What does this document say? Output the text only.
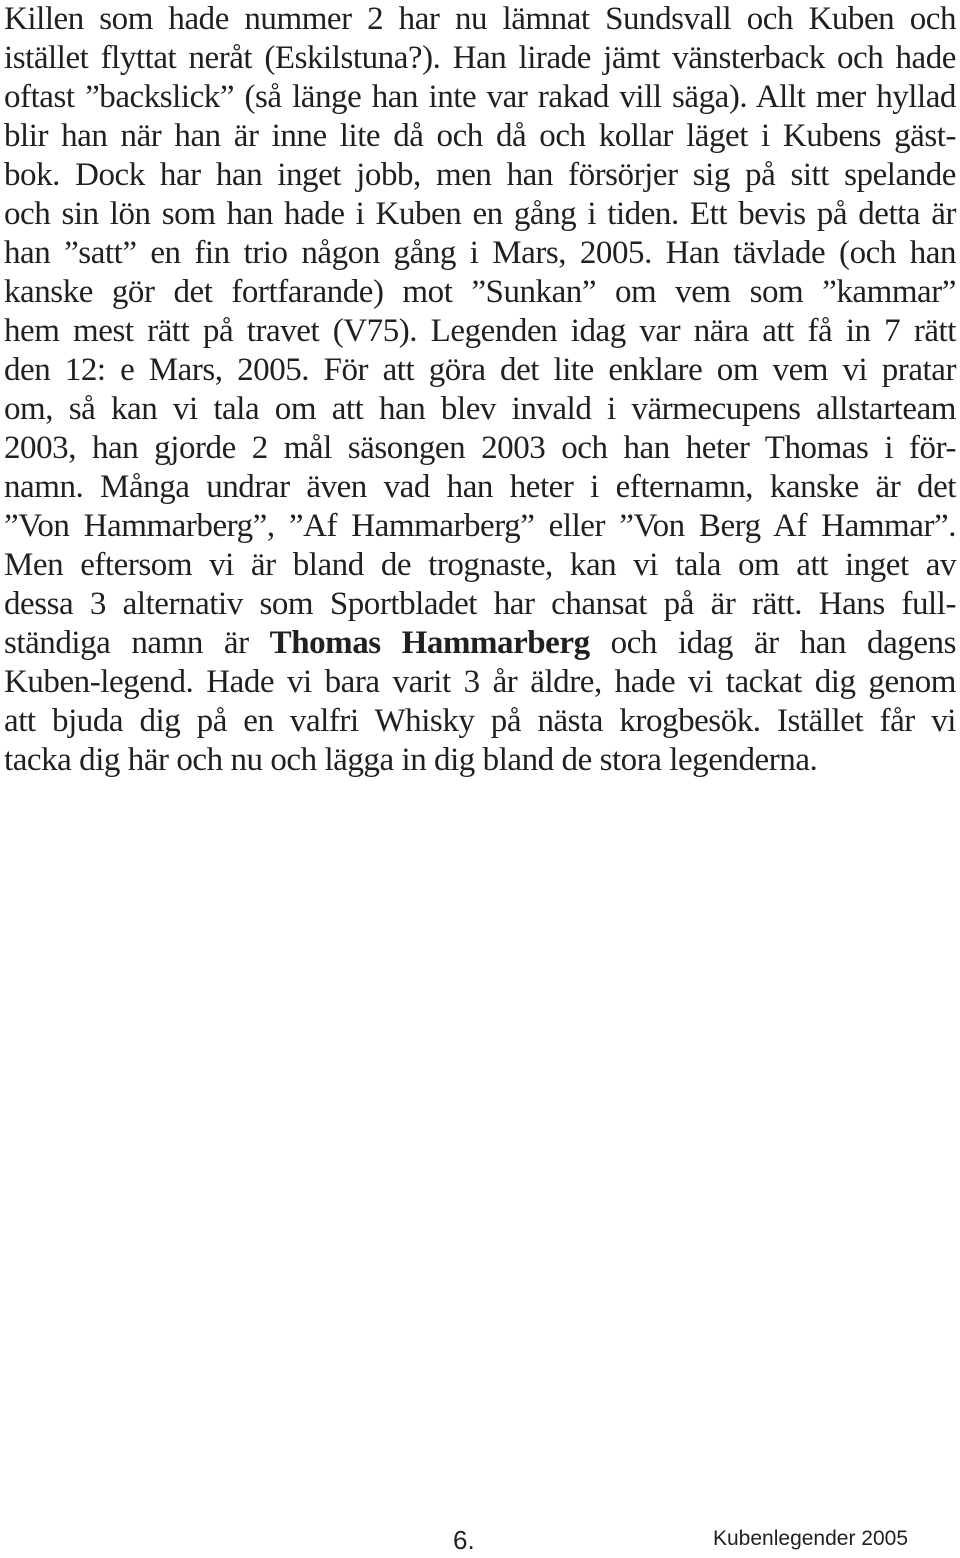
Killen som hade nummer 2 har nu lämnat Sundsvall och Kuben och
istället flyttat neråt (Eskilstuna?). Han lirade jämt vänsterback och hade
oftast ”backslick” (så länge han inte var rakad vill säga). Allt mer hyllad
blir han när han är inne lite då och då och kollar läget i Kubens gäst-
bok. Dock har han inget jobb, men han försörjer sig på sitt spelande
och sin lön som han hade i Kuben en gång i tiden. Ett bevis på detta är
han ”satt” en fin trio någon gång i Mars, 2005. Han tävlade (och han
kanske gör det fortfarande) mot ”Sunkan” om vem som ”kammar”
hem mest rätt på travet (V75). Legenden idag var nära att få in 7 rätt
den 12: e Mars, 2005. För att göra det lite enklare om vem vi pratar
om, så kan vi tala om att han blev invald i värmecupens allstarteam
2003, han gjorde 2 mål säsongen 2003 och han heter Thomas i för-
namn. Många undrar även vad han heter i efternamn, kanske är det
”Von Hammarberg”, ”Af Hammarberg” eller ”Von Berg Af Hammar”.
Men eftersom vi är bland de trognaste, kan vi tala om att inget av
dessa 3 alternativ som Sportbladet har chansat på är rätt. Hans full-
ständiga namn är Thomas Hammarberg och idag är han dagens
Kuben-legend. Hade vi bara varit 3 år äldre, hade vi tackat dig genom
att bjuda dig på en valfri Whisky på nästa krogbesök. Istället får vi
tacka dig här och nu och lägga in dig bland de stora legenderna.
6.	Kubenlegender 2005
